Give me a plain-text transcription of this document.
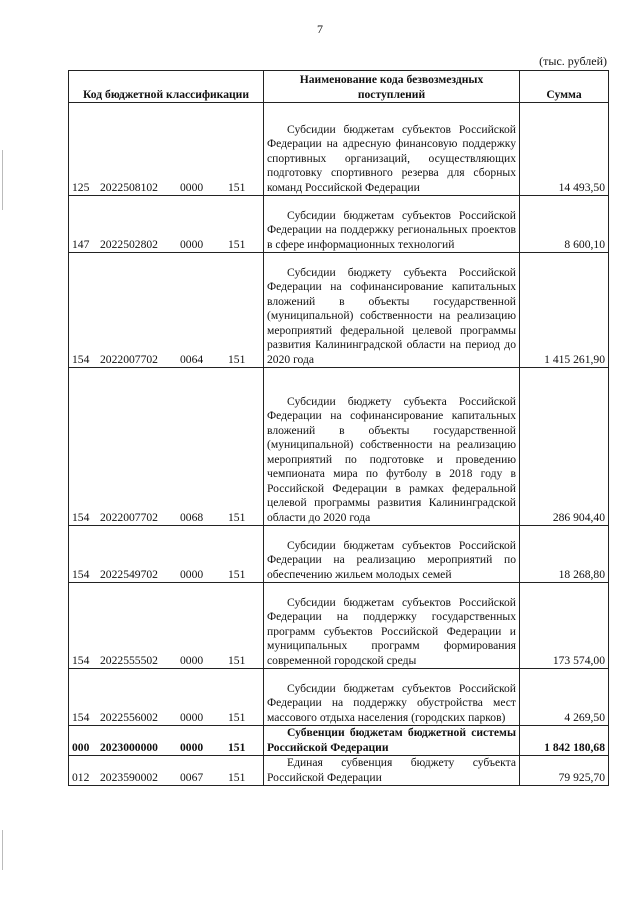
7
(тыс. рублей)
Код бюджетной классификации	Наименование кода безвозмездных поступлений	Сумма
125 2022508102 0000 151	Субсидии бюджетам субъектов Российской Федерации на адресную финансовую поддержку спортивных организаций, осуществляющих подготовку спортивного резерва для сборных команд Российской Федерации	14 493,50
147 2022502802 0000 151	Субсидии бюджетам субъектов Российской Федерации на поддержку региональных проектов в сфере информационных технологий	8 600,10
154 2022007702 0064 151	Субсидии бюджету субъекта Российской Федерации на софинансирование капитальных вложений в объекты государственной (муниципальной) собственности на реализацию мероприятий федеральной целевой программы развития Калининградской области на период до 2020 года	1 415 261,90
154 2022007702 0068 151	Субсидии бюджету субъекта Российской Федерации на софинансирование капитальных вложений в объекты государственной (муниципальной) собственности на реализацию мероприятий по подготовке и проведению чемпионата мира по футболу в 2018 году в Российской Федерации в рамках федеральной целевой программы развития Калининградской области до 2020 года	286 904,40
154 2022549702 0000 151	Субсидии бюджетам субъектов Российской Федерации на реализацию мероприятий по обеспечению жильем молодых семей	18 268,80
154 2022555502 0000 151	Субсидии бюджетам субъектов Российской Федерации на поддержку государственных программ субъектов Российской Федерации и муниципальных программ формирования современной городской среды	173 574,00
154 2022556002 0000 151	Субсидии бюджетам субъектов Российской Федерации на поддержку обустройства мест массового отдыха населения (городских парков)	4 269,50
000 2023000000 0000 151	Субвенции бюджетам бюджетной системы Российской Федерации	1 842 180,68
012 2023590002 0067 151	Единая субвенция бюджету субъекта Российской Федерации	79 925,70
